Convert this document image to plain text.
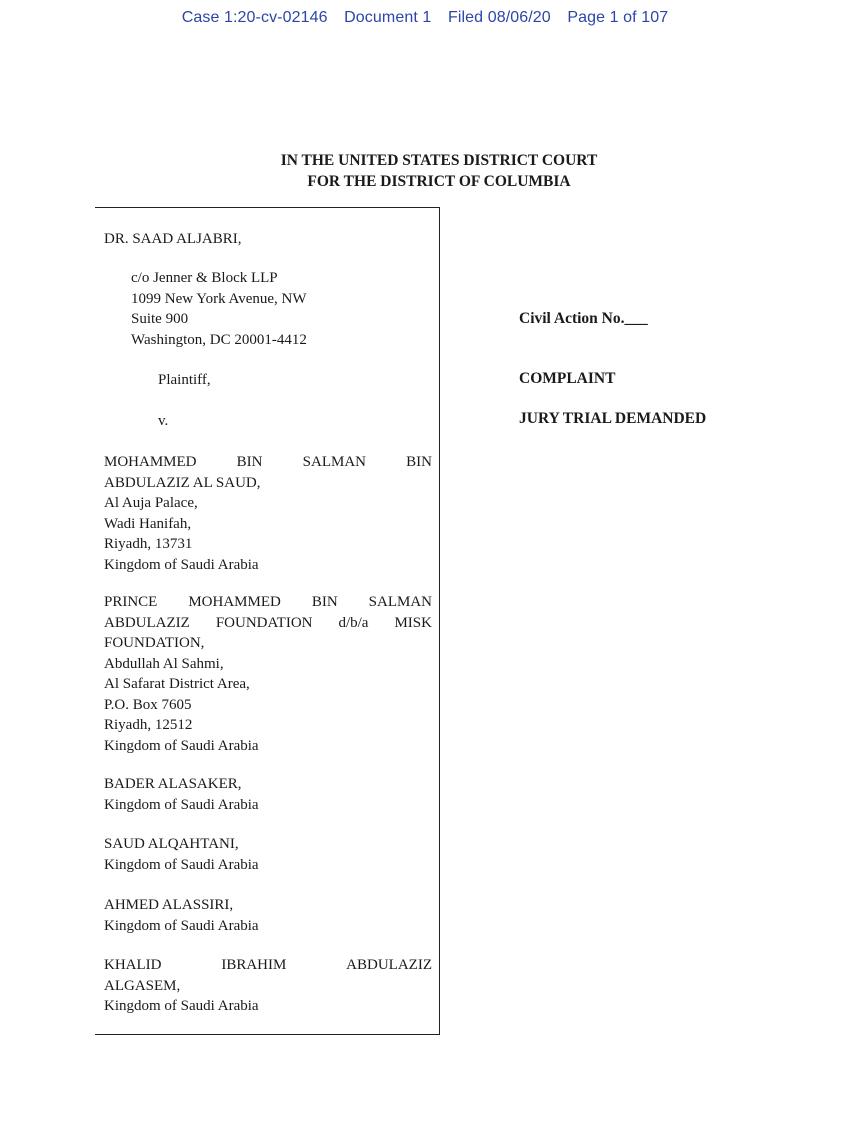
Case 1:20-cv-02146 Document 1 Filed 08/06/20 Page 1 of 107
IN THE UNITED STATES DISTRICT COURT
FOR THE DISTRICT OF COLUMBIA
DR. SAAD ALJABRI,
c/o Jenner & Block LLP
1099 New York Avenue, NW
Suite 900
Washington, DC 20001-4412
Plaintiff,
v.
MOHAMMED	BIN	SALMAN	BIN
ABDULAZIZ AL SAUD,
Al Auja Palace,
Wadi Hanifah,
Riyadh, 13731
Kingdom of Saudi Arabia
PRINCE MOHAMMED BIN SALMAN
ABDULAZIZ FOUNDATION d/b/a MISK
FOUNDATION,
Abdullah Al Sahmi,
Al Safarat District Area,
P.O. Box 7605
Riyadh, 12512
Kingdom of Saudi Arabia
BADER ALASAKER,
Kingdom of Saudi Arabia
SAUD ALQAHTANI,
Kingdom of Saudi Arabia
AHMED ALASSIRI,
Kingdom of Saudi Arabia
KHALID	IBRAHIM	ABDULAZIZ
ALGASEM,
Kingdom of Saudi Arabia
Civil Action No.___
COMPLAINT
JURY TRIAL DEMANDED
